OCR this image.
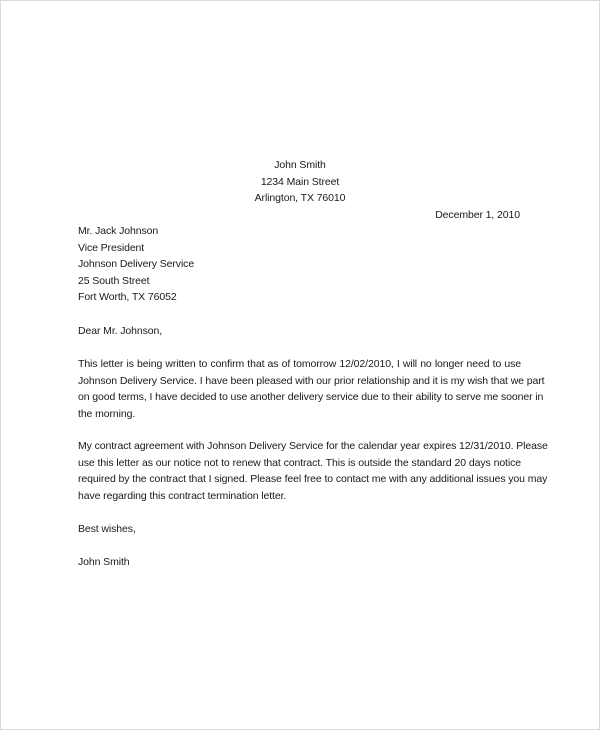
John Smith
1234 Main Street
Arlington, TX 76010
December 1, 2010
Mr. Jack Johnson
Vice President
Johnson Delivery Service
25 South Street
Fort Worth, TX 76052
Dear Mr. Johnson,
This letter is being written to confirm that as of tomorrow 12/02/2010, I will no longer need to use
Johnson Delivery Service. I have been pleased with our prior relationship and it is my wish that we part
on good terms, I have decided to use another delivery service due to their ability to serve me sooner in
the morning.
My contract agreement with Johnson Delivery Service for the calendar year expires 12/31/2010. Please
use this letter as our notice not to renew that contract. This is outside the standard 20 days notice
required by the contract that I signed. Please feel free to contact me with any additional issues you may
have regarding this contract termination letter.
Best wishes,
John Smith
